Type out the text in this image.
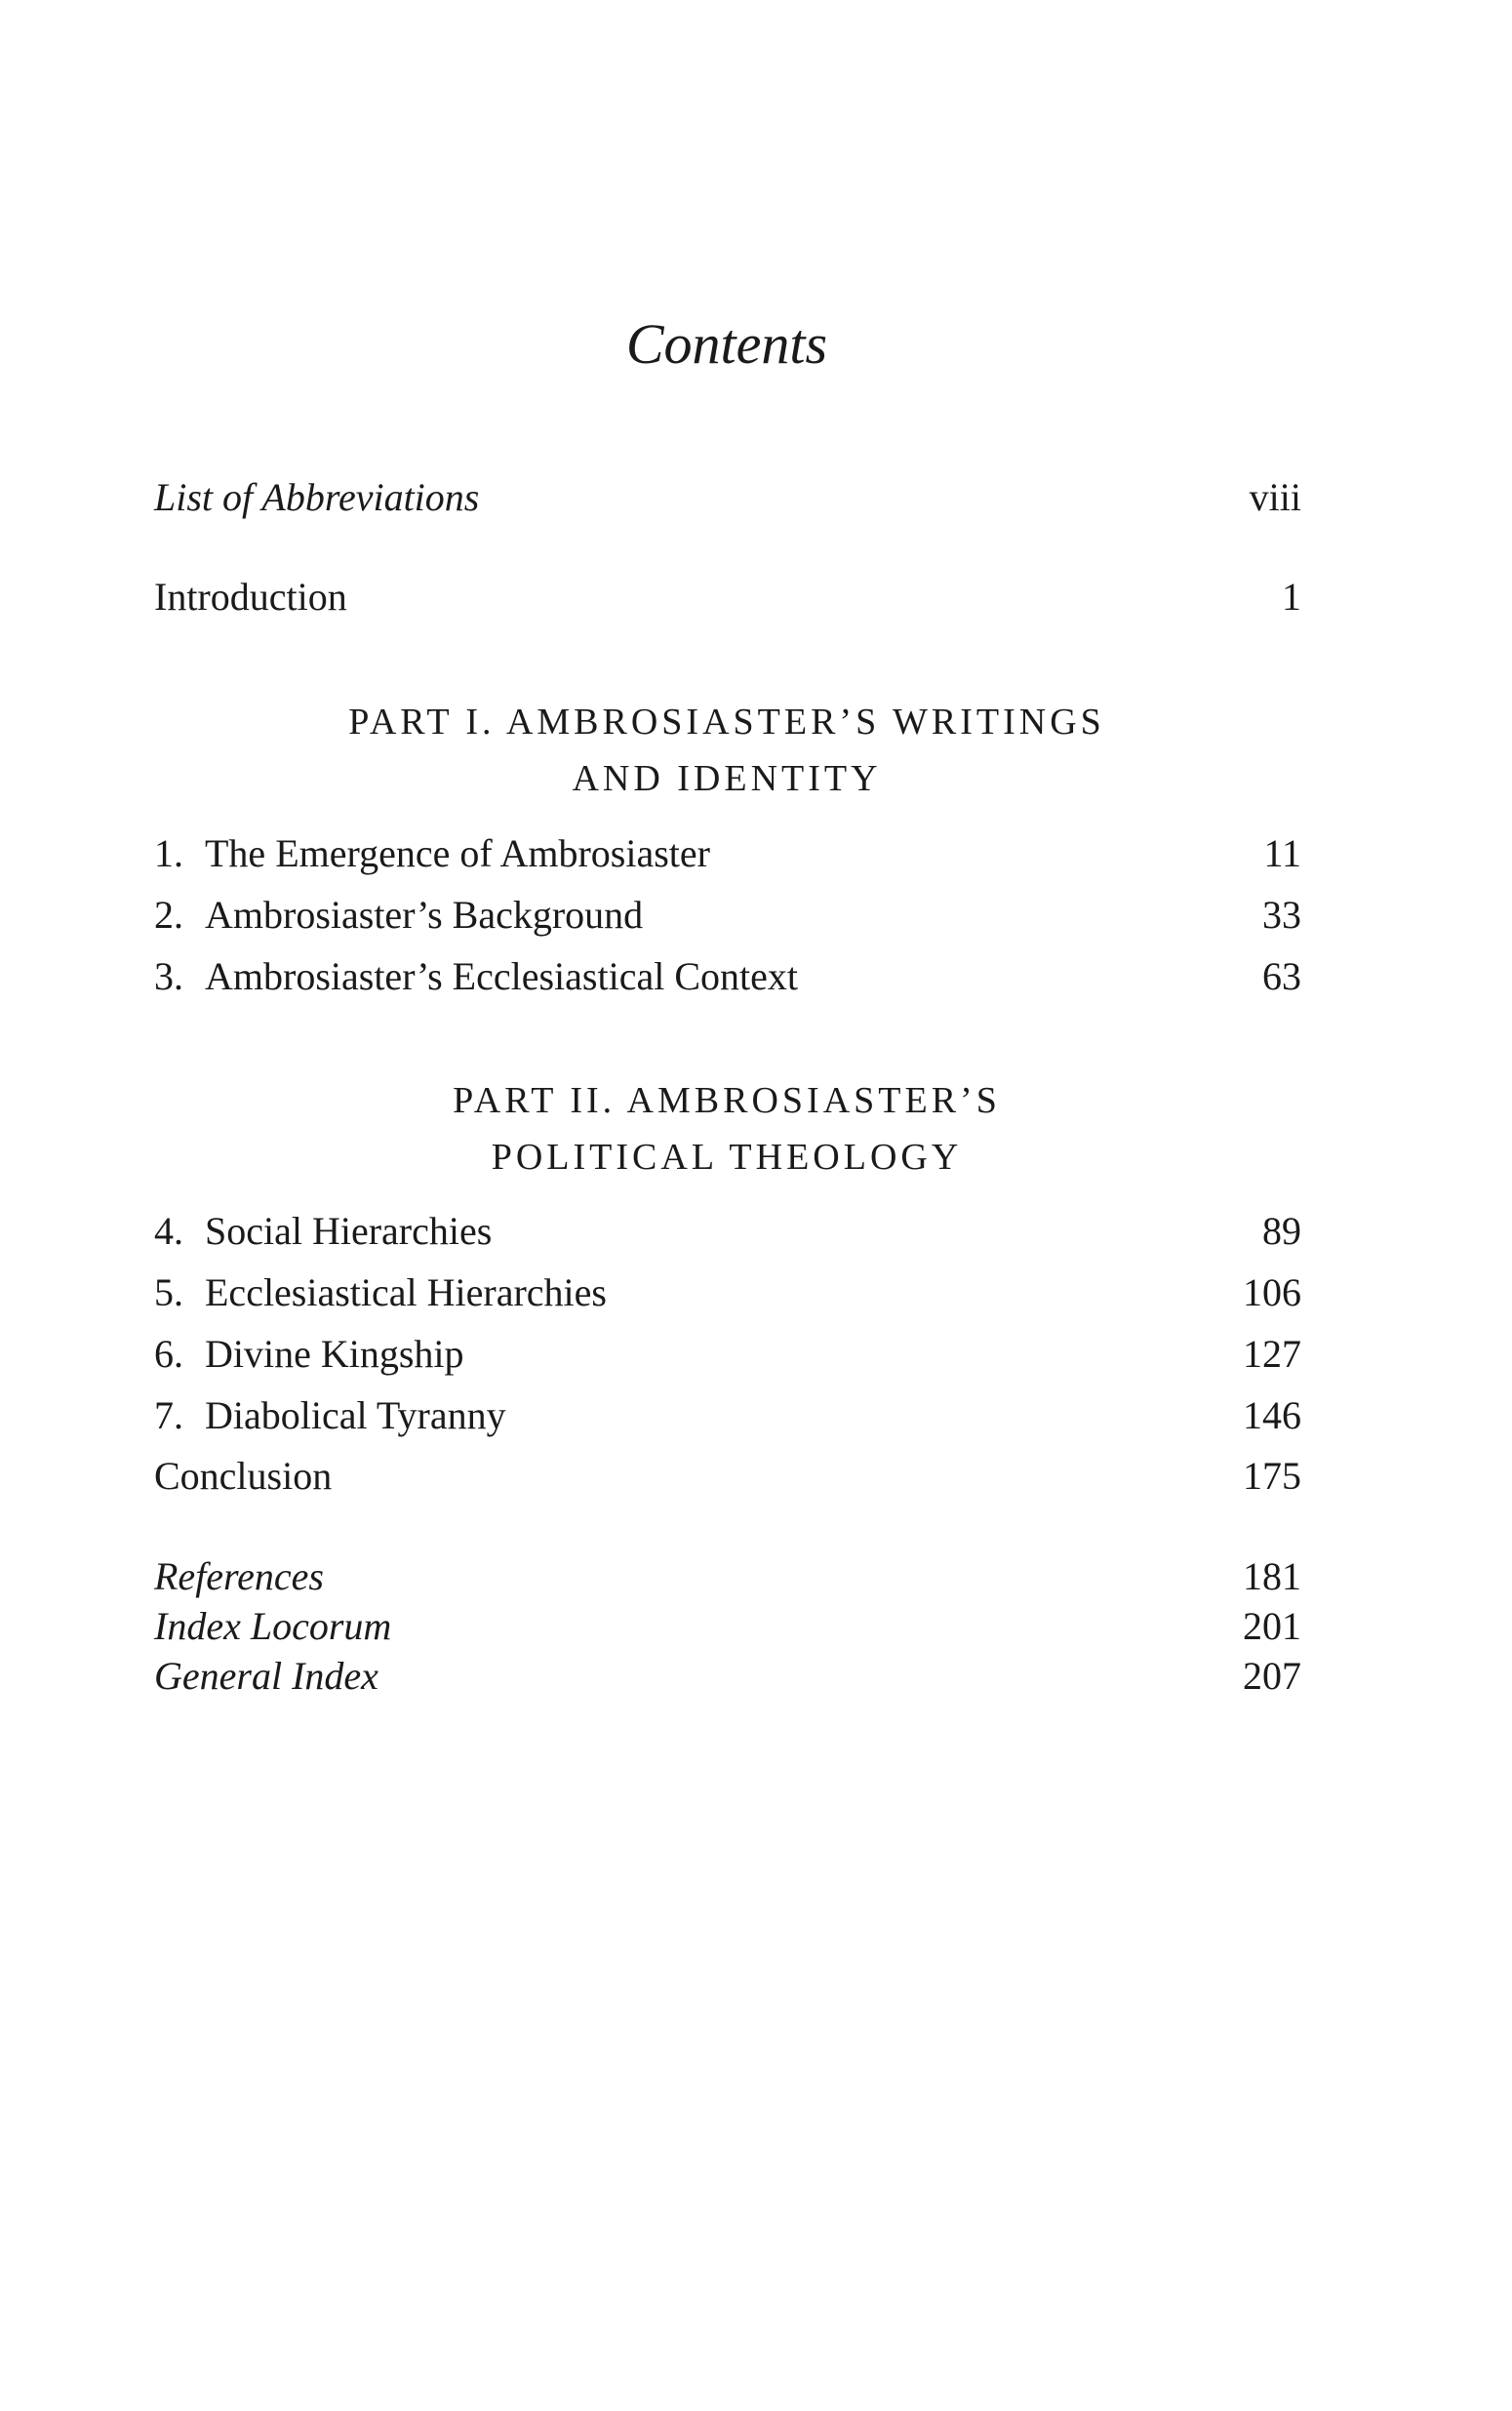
Contents
List of Abbreviations	viii
Introduction	1
PART I. AMBROSIASTER’S WRITINGS
AND IDENTITY
1. The Emergence of Ambrosiaster	11
2. Ambrosiaster’s Background	33
3. Ambrosiaster’s Ecclesiastical Context	63
PART II. AMBROSIASTER’S
POLITICAL THEOLOGY
4. Social Hierarchies	89
5. Ecclesiastical Hierarchies	106
6. Divine Kingship	127
7. Diabolical Tyranny	146
Conclusion	175
References	181
Index Locorum	201
General Index	207
